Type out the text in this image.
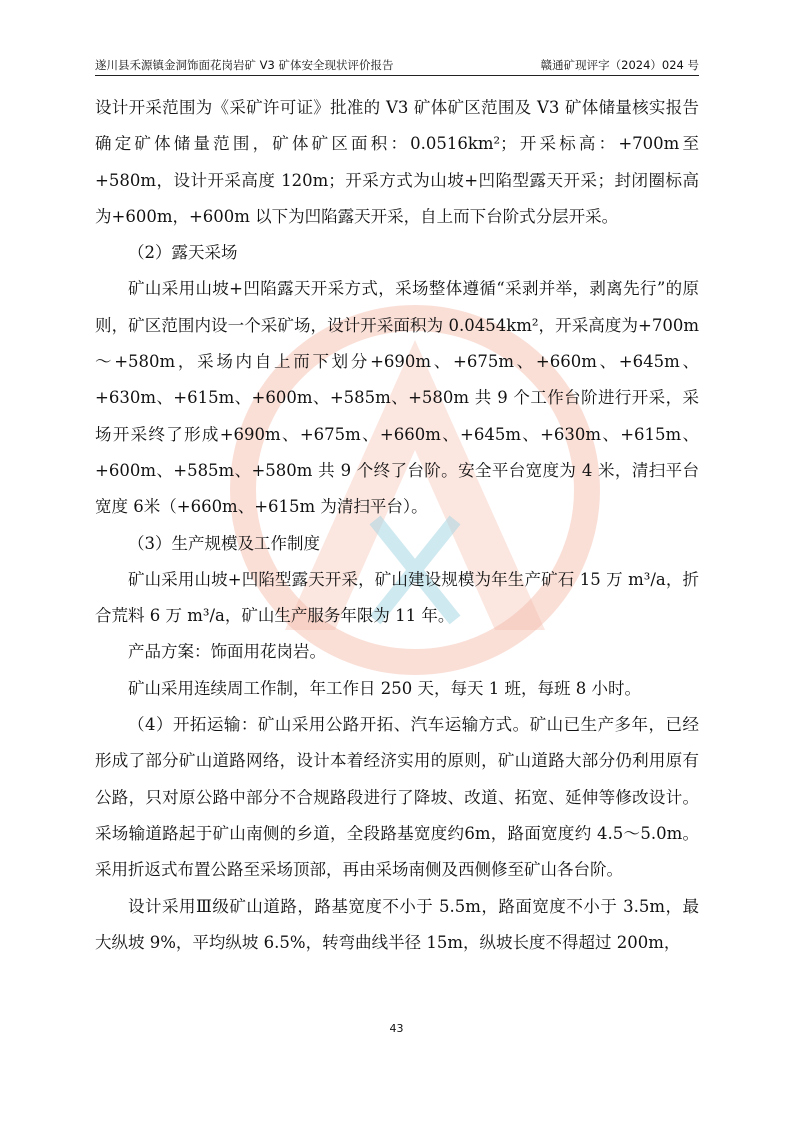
遂川县禾源镇金洞饰面花岗岩矿 V3 矿体安全现状评价报告	赣通矿现评字（2024）024 号

设计开采范围为《采矿许可证》批准的 V3 矿体矿区范围及 V3 矿体储量核实报告确定矿体储量范围，矿体矿区面积：0.0516km²；开采标高：+700m至+580m，设计开采高度 120m；开采方式为山坡+凹陷型露天开采；封闭圈标高为+600m，+600m 以下为凹陷露天开采，自上而下台阶式分层开采。

（2）露天采场

矿山采用山坡+凹陷露天开采方式，采场整体遵循“采剥并举，剥离先行”的原则，矿区范围内设一个采矿场，设计开采面积为 0.0454km²，开采高度为+700m～+580m，采场内自上而下划分+690m、+675m、+660m、+645m、+630m、+615m、+600m、+585m、+580m 共 9 个工作台阶进行开采，采场开采终了形成+690m、+675m、+660m、+645m、+630m、+615m、+600m、+585m、+580m 共 9 个终了台阶。安全平台宽度为 4 米，清扫平台宽度 6米（+660m、+615m 为清扫平台）。

（3）生产规模及工作制度

矿山采用山坡+凹陷型露天开采，矿山建设规模为年生产矿石 15 万 m³/a，折合荒料 6 万 m³/a，矿山生产服务年限为 11 年。

产品方案：饰面用花岗岩。

矿山采用连续周工作制，年工作日 250 天，每天 1 班，每班 8 小时。

（4）开拓运输：矿山采用公路开拓、汽车运输方式。矿山已生产多年，已经形成了部分矿山道路网络，设计本着经济实用的原则，矿山道路大部分仍利用原有公路，只对原公路中部分不合规路段进行了降坡、改道、拓宽、延伸等修改设计。采场输道路起于矿山南侧的乡道，全段路基宽度约6m，路面宽度约 4.5～5.0m。采用折返式布置公路至采场顶部，再由采场南侧及西侧修至矿山各台阶。

设计采用Ⅲ级矿山道路，路基宽度不小于 5.5m，路面宽度不小于 3.5m，最大纵坡 9%，平均纵坡 6.5%，转弯曲线半径 15m，纵坡长度不得超过 200m，

43
